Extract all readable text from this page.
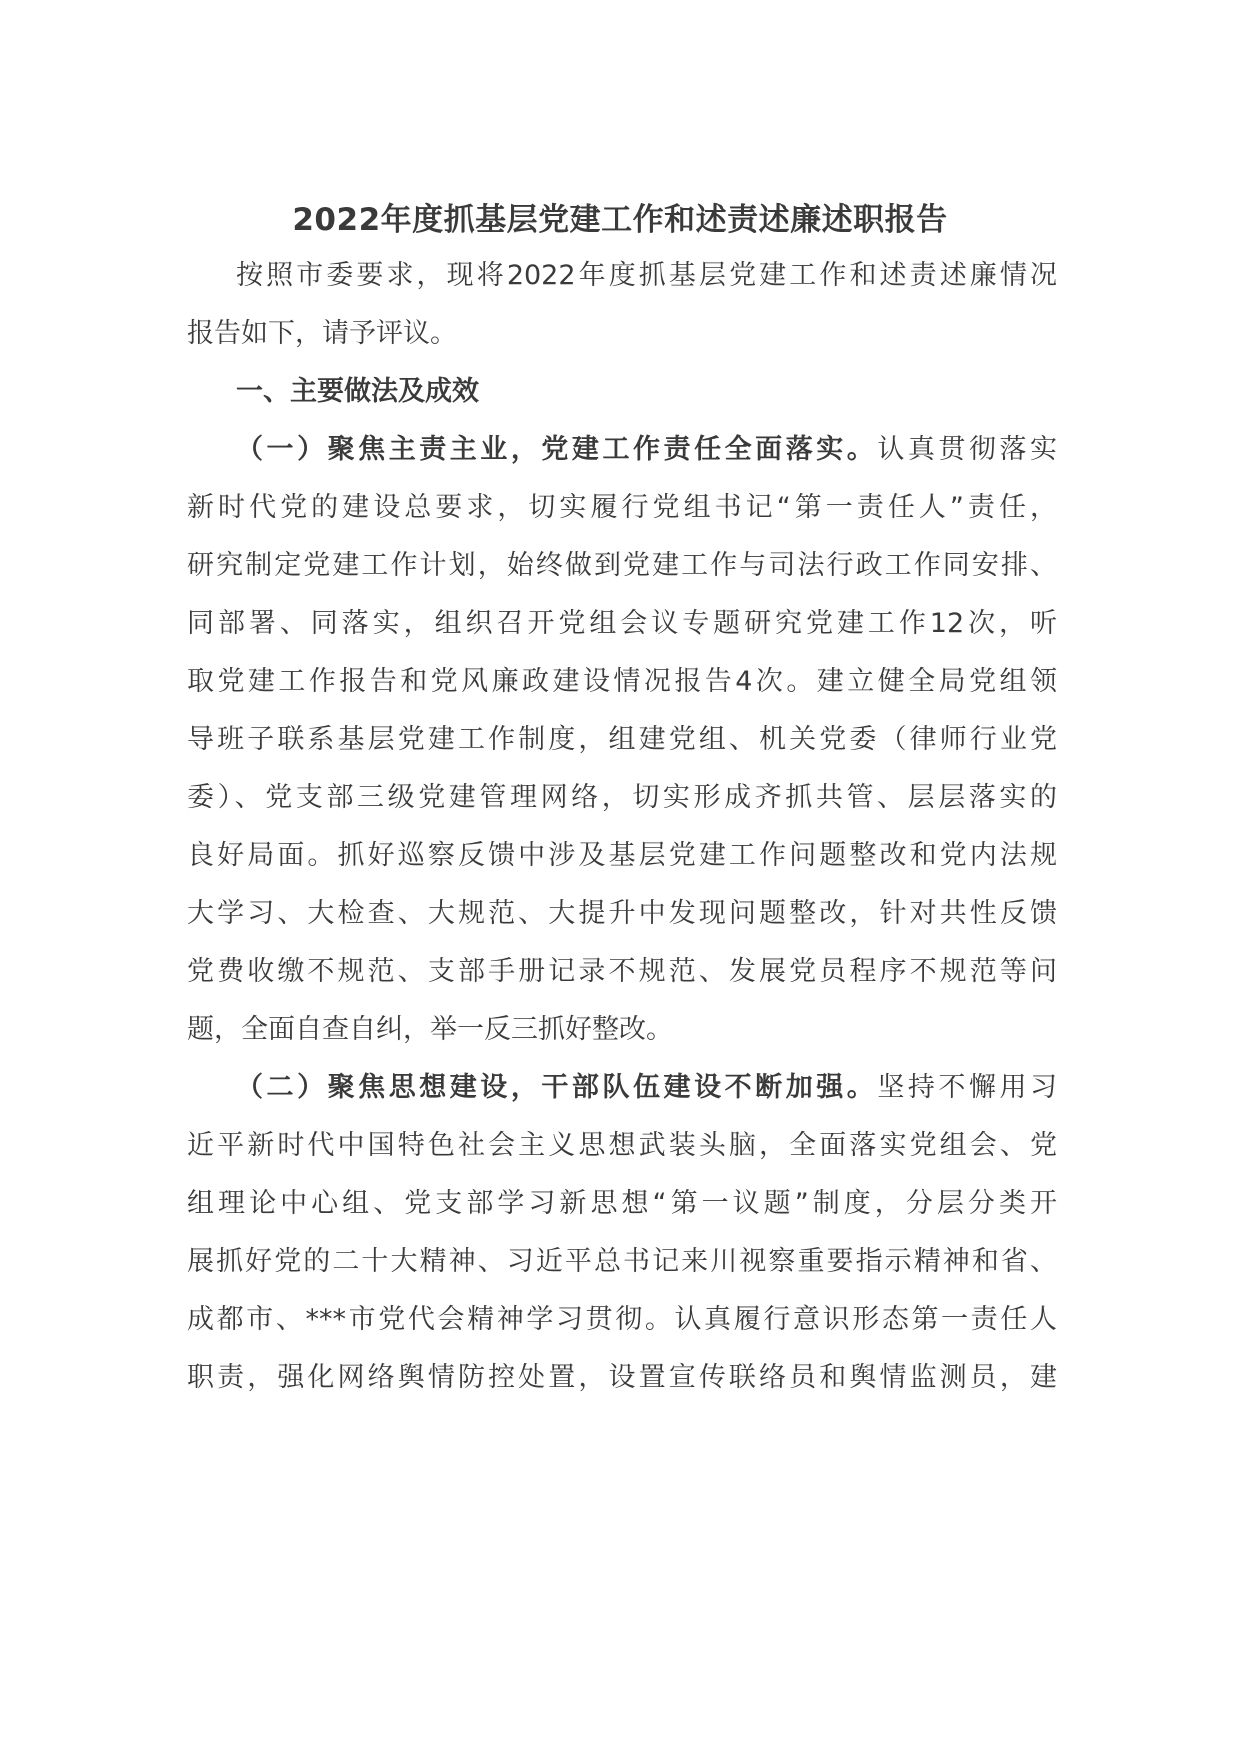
2022年度抓基层党建工作和述责述廉述职报告

按照市委要求，现将2022年度抓基层党建工作和述责述廉情况

报告如下，请予评议。

一、主要做法及成效

（一）聚焦主责主业，党建工作责任全面落实。认真贯彻落实

新时代党的建设总要求，切实履行党组书记“第一责任人”责任，

研究制定党建工作计划，始终做到党建工作与司法行政工作同安排、

同部署、同落实，组织召开党组会议专题研究党建工作12次，听

取党建工作报告和党风廉政建设情况报告4次。建立健全局党组领

导班子联系基层党建工作制度，组建党组、机关党委（律师行业党

委）、党支部三级党建管理网络，切实形成齐抓共管、层层落实的

良好局面。抓好巡察反馈中涉及基层党建工作问题整改和党内法规

大学习、大检查、大规范、大提升中发现问题整改，针对共性反馈

党费收缴不规范、支部手册记录不规范、发展党员程序不规范等问

题，全面自查自纠，举一反三抓好整改。

（二）聚焦思想建设，干部队伍建设不断加强。坚持不懈用习

近平新时代中国特色社会主义思想武装头脑，全面落实党组会、党

组理论中心组、党支部学习新思想“第一议题”制度，分层分类开

展抓好党的二十大精神、习近平总书记来川视察重要指示精神和省、

成都市、***市党代会精神学习贯彻。认真履行意识形态第一责任人

职责，强化网络舆情防控处置，设置宣传联络员和舆情监测员，建
